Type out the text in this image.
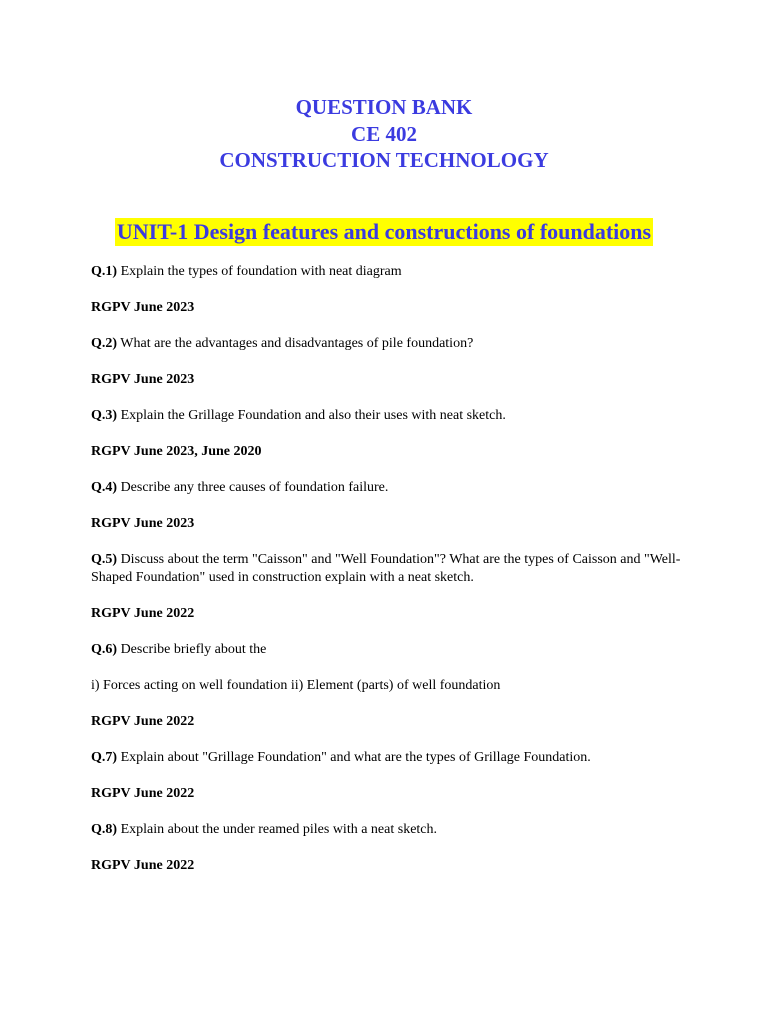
QUESTION BANK
CE 402
CONSTRUCTION TECHNOLOGY
UNIT-1 Design features and constructions of foundations

Q.1) Explain the types of foundation with neat diagram

RGPV June 2023

Q.2) What are the advantages and disadvantages of pile foundation?

RGPV June 2023

Q.3) Explain the Grillage Foundation and also their uses with neat sketch.

RGPV June 2023, June 2020

Q.4) Describe any three causes of foundation failure.

RGPV June 2023

Q.5) Discuss about the term "Caisson" and "Well Foundation"? What are the types of Caisson and "Well- Shaped Foundation" used in construction explain with a neat sketch.

RGPV June 2022

Q.6) Describe briefly about the

i) Forces acting on well foundation ii) Element (parts) of well foundation

RGPV June 2022

Q.7) Explain about "Grillage Foundation" and what are the types of Grillage Foundation.

RGPV June 2022

Q.8) Explain about the under reamed piles with a neat sketch.

RGPV June 2022
